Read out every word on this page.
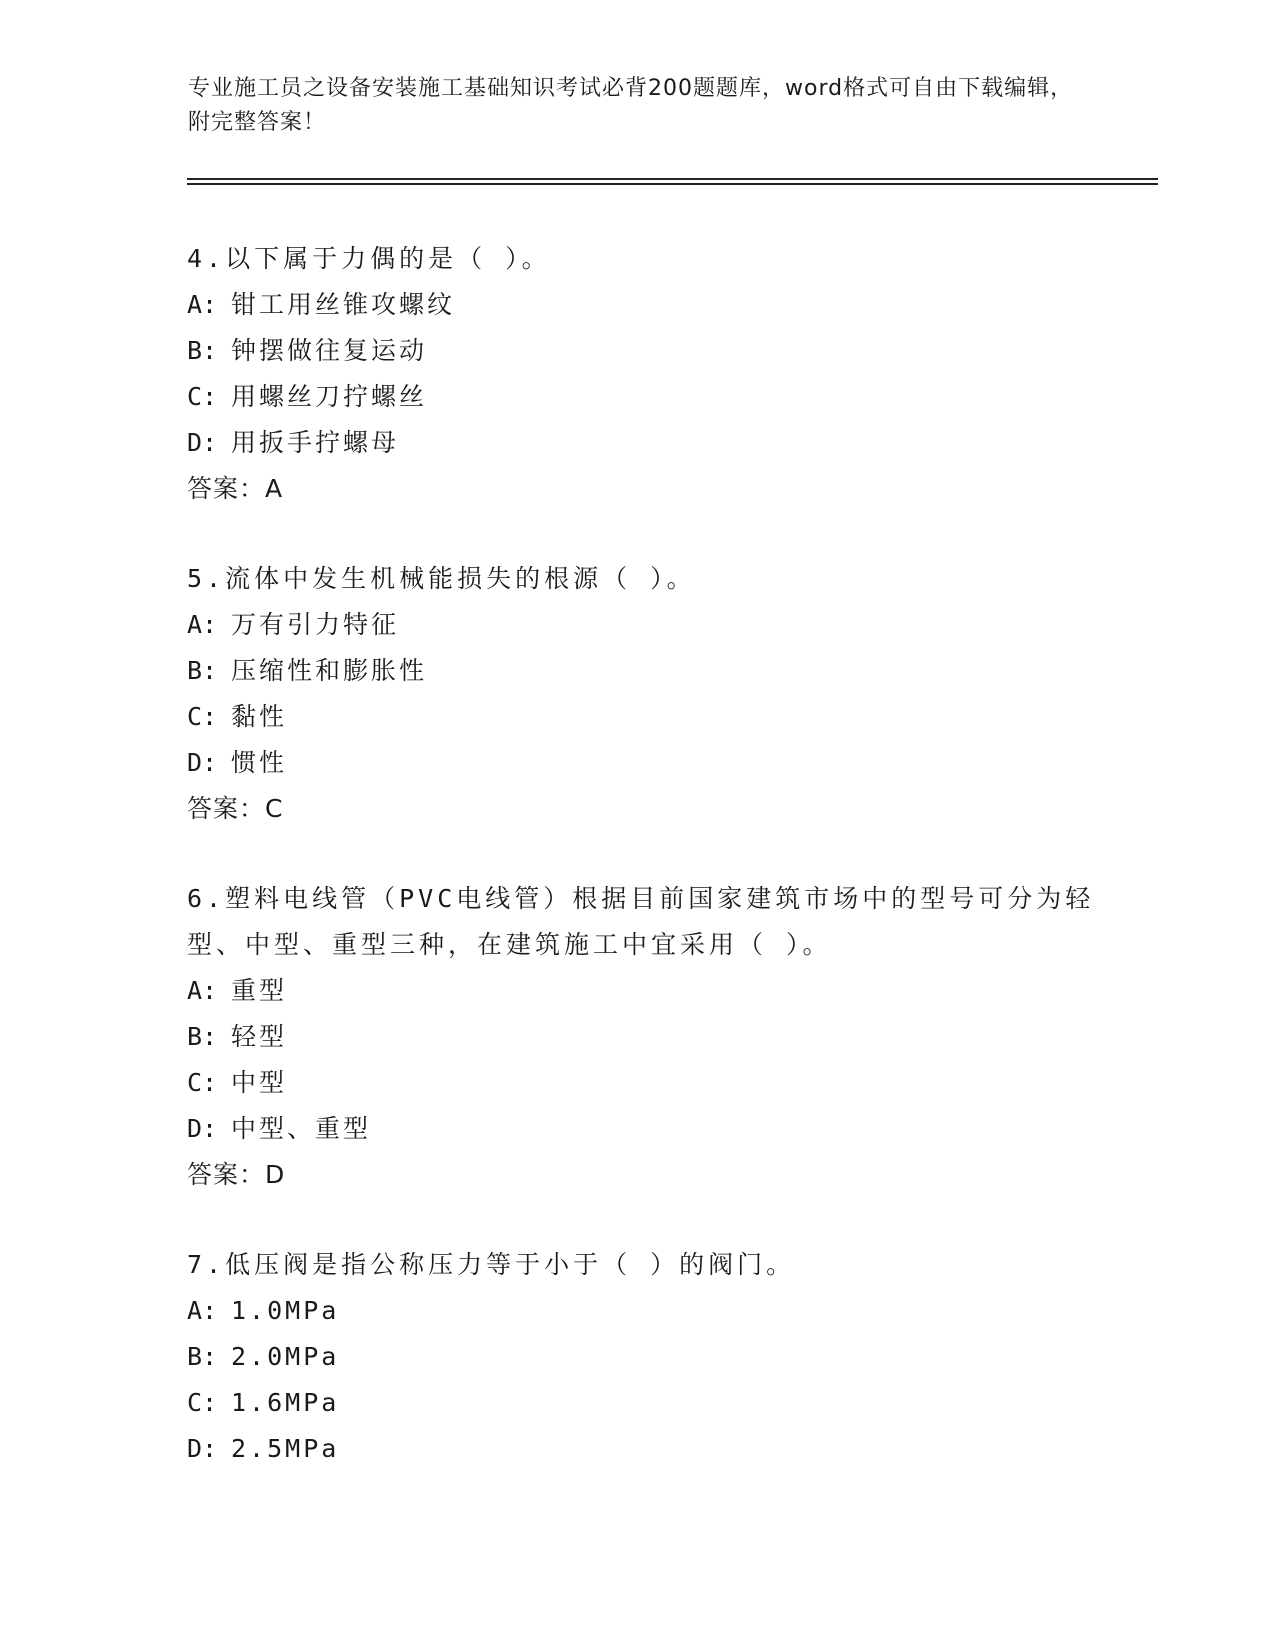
专业施工员之设备安装施工基础知识考试必背200题题库，word格式可自由下载编辑，附完整答案！
4.以下属于力偶的是（ ）。
A: 钳工用丝锥攻螺纹
B: 钟摆做往复运动
C: 用螺丝刀拧螺丝
D: 用扳手拧螺母
答案：A
5.流体中发生机械能损失的根源（ ）。
A: 万有引力特征
B: 压缩性和膨胀性
C: 黏性
D: 惯性
答案：C
6.塑料电线管（PVC电线管）根据目前国家建筑市场中的型号可分为轻型、中型、重型三种，在建筑施工中宜采用（ ）。
A: 重型
B: 轻型
C: 中型
D: 中型、重型
答案：D
7.低压阀是指公称压力等于小于（ ）的阀门。
A: 1.0MPa
B: 2.0MPa
C: 1.6MPa
D: 2.5MPa
